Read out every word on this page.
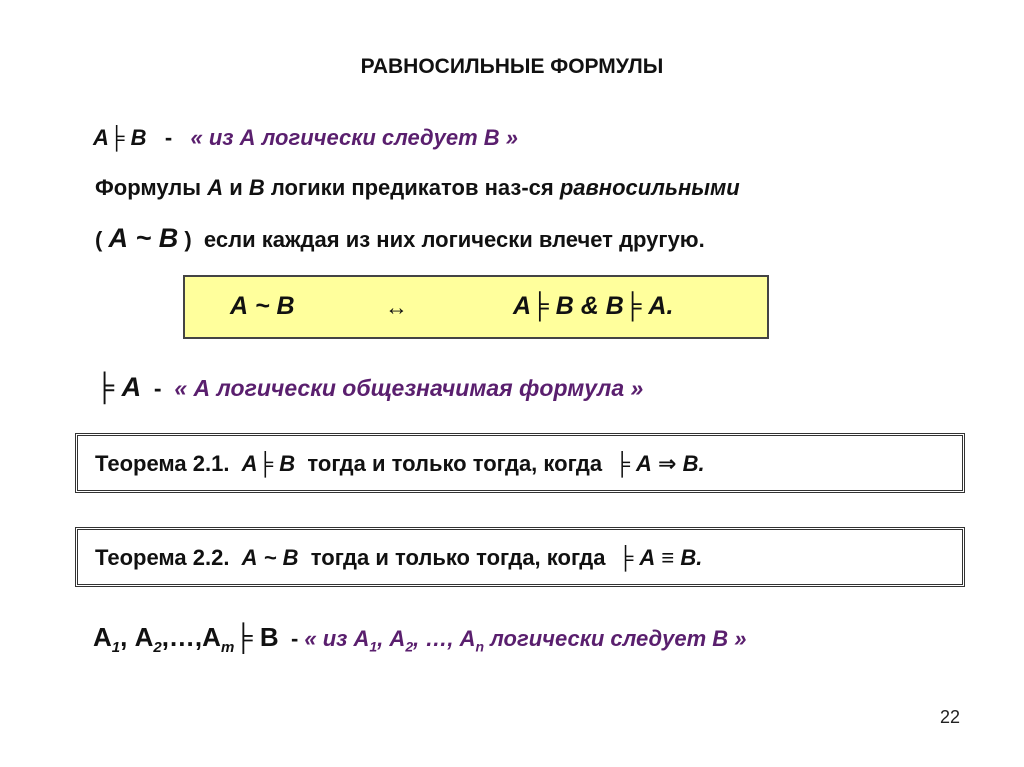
РАВНОСИЛЬНЫЕ ФОРМУЛЫ
A╞ B - « из А логически следует В »
Формулы А и В логики предикатов наз-ся равносильными
( А ~ В ) если каждая из них логически влечет другую.
А ~ В	↔	А╞ В & В╞ А.
╞ А - « А логически общезначимая формула »
Теорема 2.1. А╞ В тогда и только тогда, когда ╞ А ⇒ В.
Теорема 2.2. А ~ В тогда и только тогда, когда ╞ А ≡ В.
$А_1$, $А_2,\dots,А_m╞$ В - « из $А_1$, $А_2$, …, $А_n$ логически следует В »
22
